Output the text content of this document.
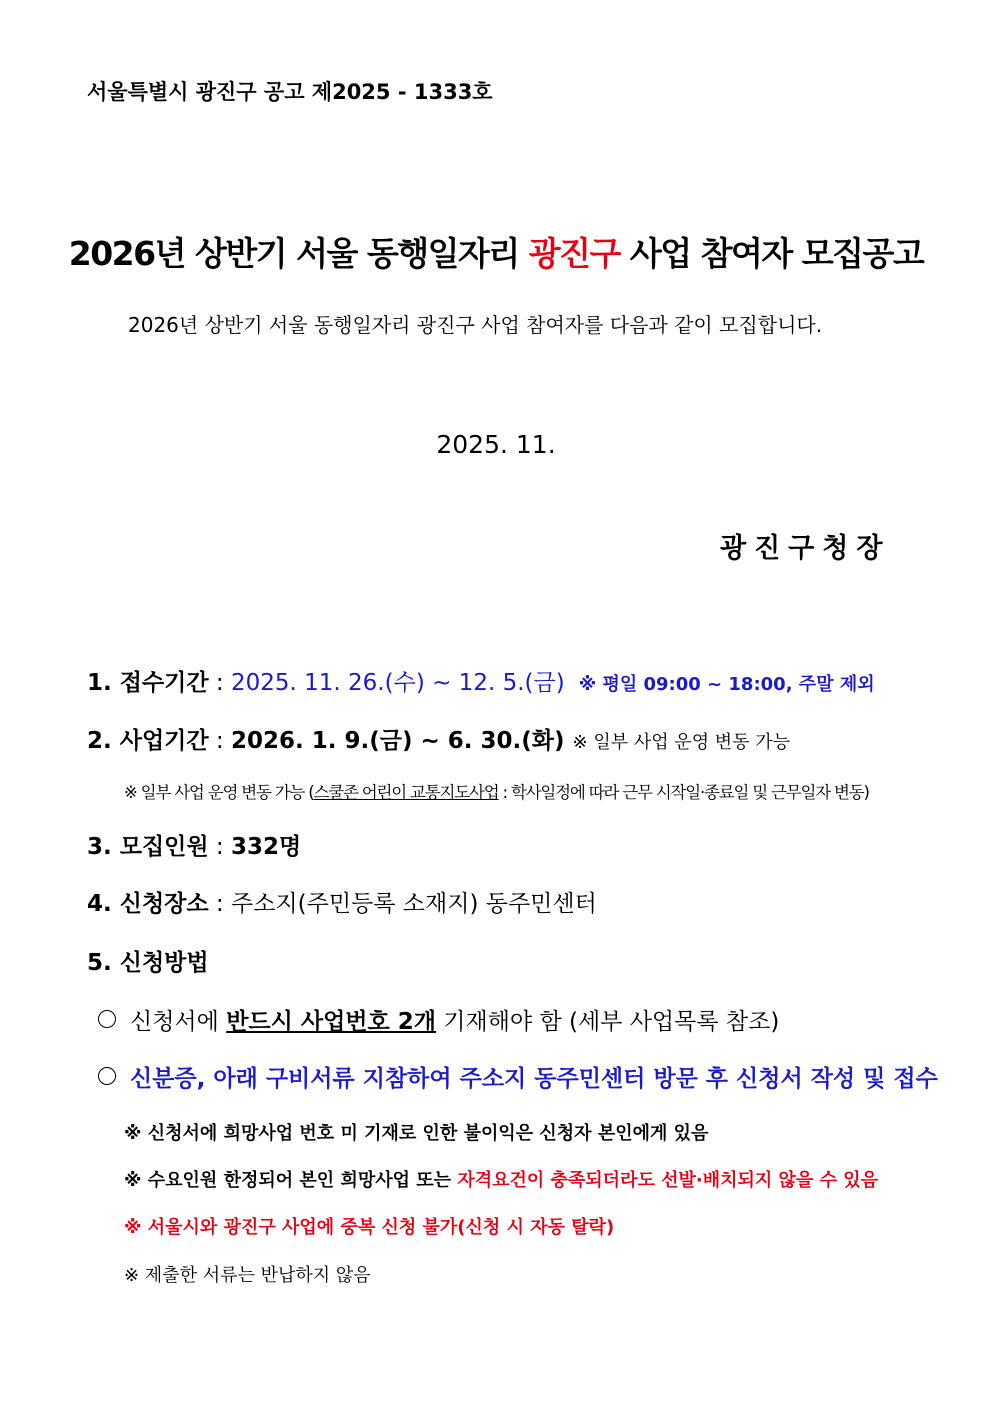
서울특별시 광진구 공고 제2025 - 1333호
2026년 상반기 서울 동행일자리 광진구 사업 참여자 모집공고
2026년 상반기 서울 동행일자리 광진구 사업 참여자를 다음과 같이 모집합니다.
2025. 11.
광진구청장
1. 접수기간 : 2025. 11. 26.(수) ~ 12. 5.(금) ※ 평일 09:00 ~ 18:00, 주말 제외
2. 사업기간 : 2026. 1. 9.(금) ~ 6. 30.(화) ※ 일부 사업 운영 변동 가능
※ 일부 사업 운영 변동 가능 (스쿨존 어린이 교통지도사업 : 학사일정에 따라 근무 시작일·종료일 및 근무일자 변동)
3. 모집인원 : 332명
4. 신청장소 : 주소지(주민등록 소재지) 동주민센터
5. 신청방법
신청서에 반드시 사업번호 2개 기재해야 함 (세부 사업목록 참조)
신분증, 아래 구비서류 지참하여 주소지 동주민센터 방문 후 신청서 작성 및 접수
※ 신청서에 희망사업 번호 미 기재로 인한 불이익은 신청자 본인에게 있음
※ 수요인원 한정되어 본인 희망사업 또는 자격요건이 충족되더라도 선발·배치되지 않을 수 있음
※ 서울시와 광진구 사업에 중복 신청 불가(신청 시 자동 탈락)
※ 제출한 서류는 반납하지 않음
